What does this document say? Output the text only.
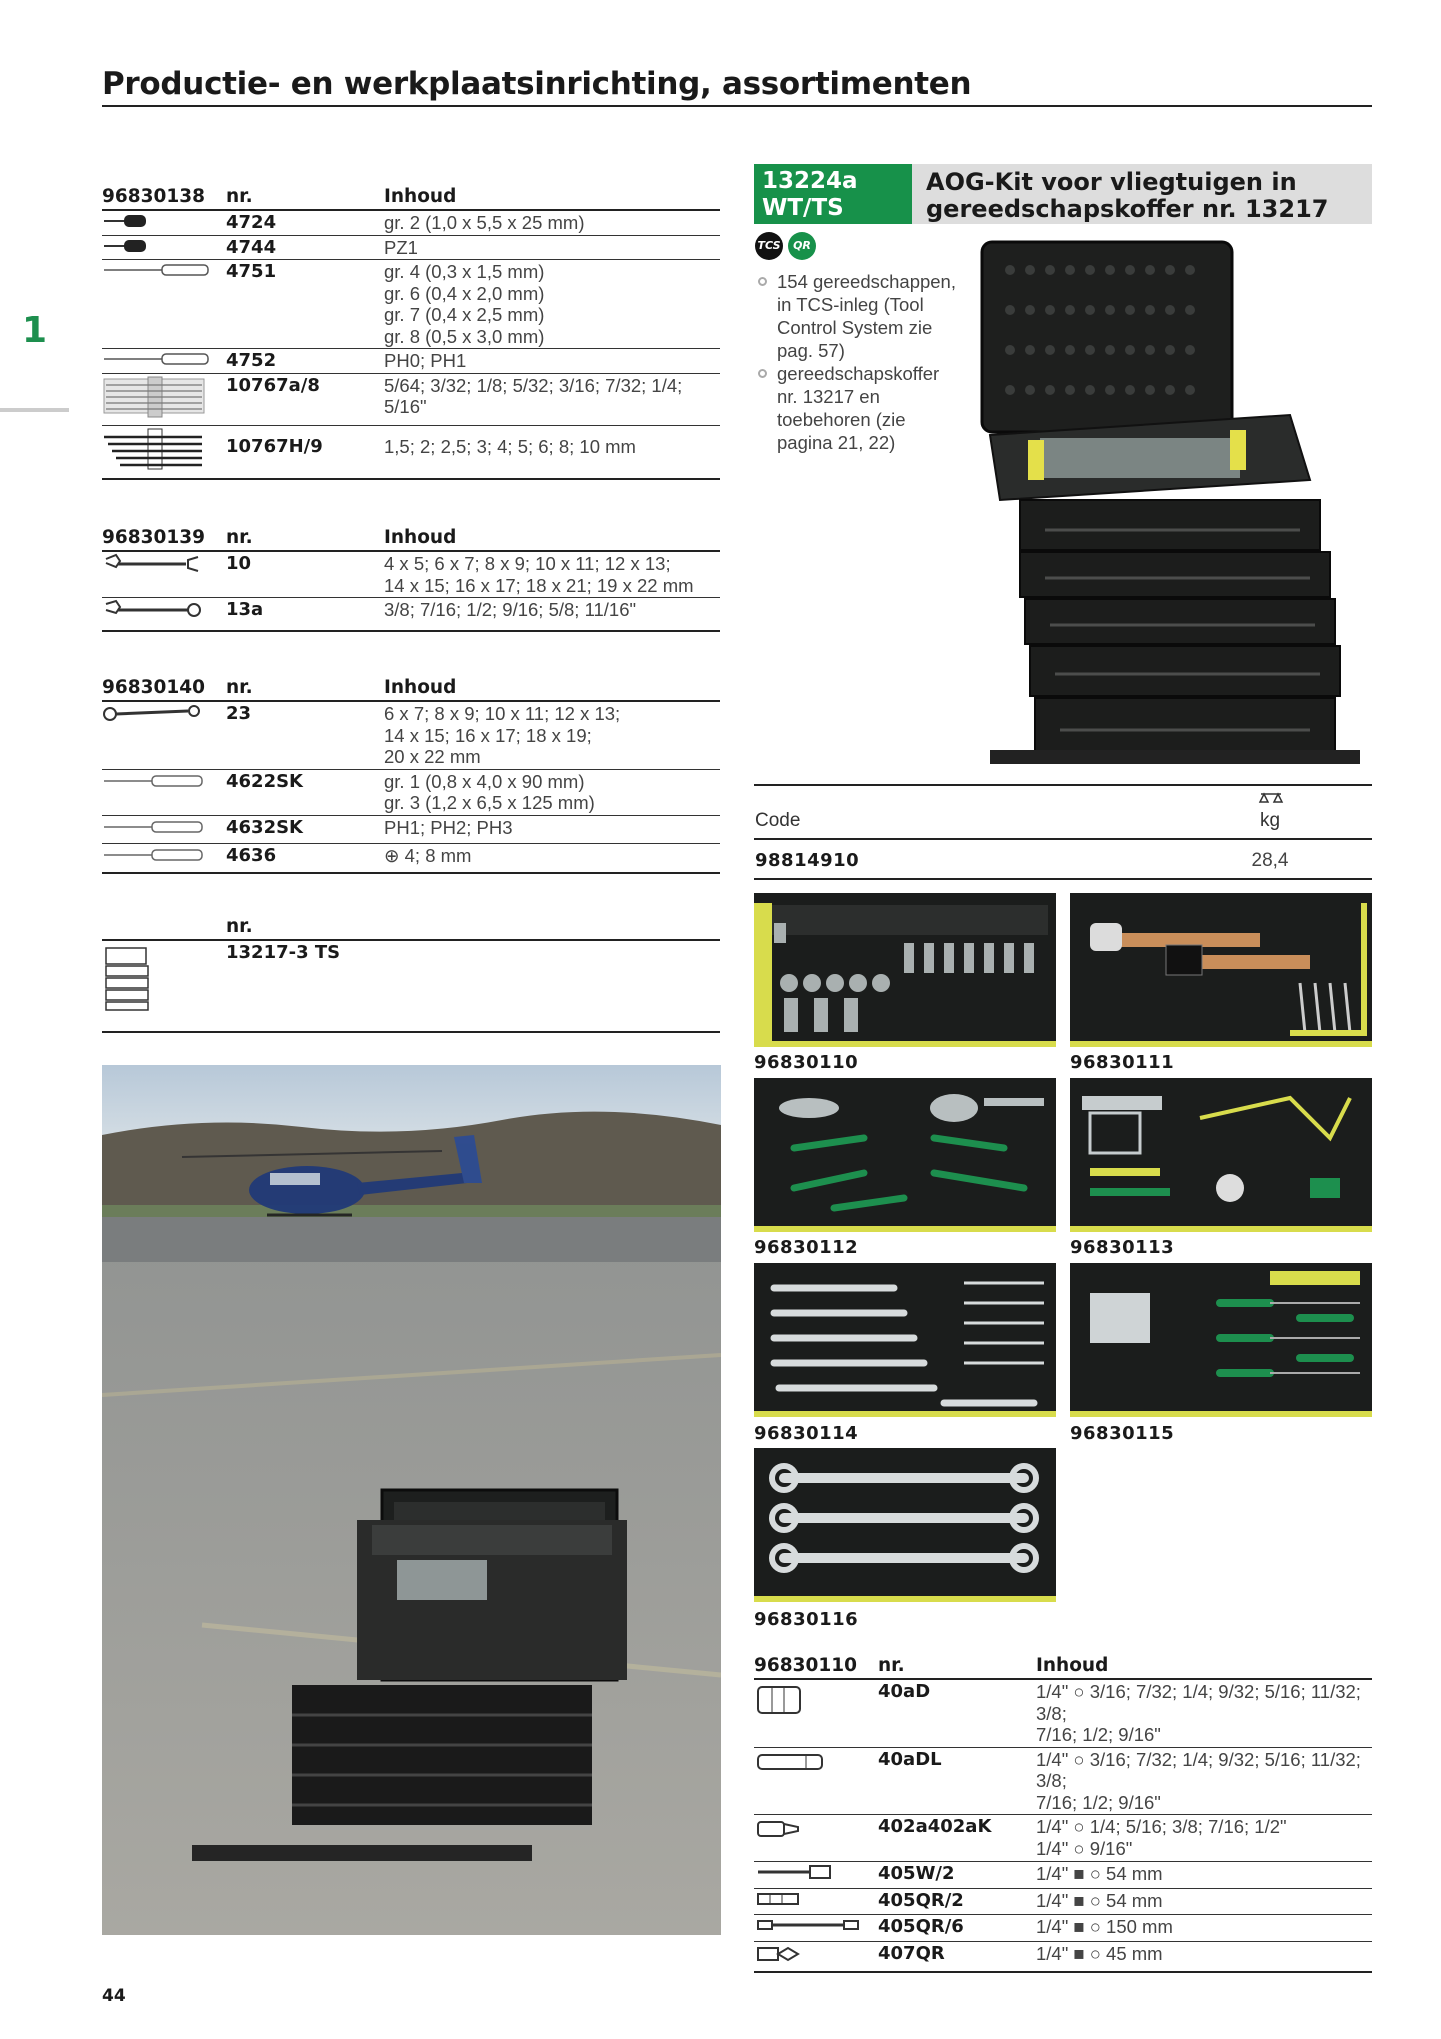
Productie- en werkplaatsinrichting, assortimenten
1
96830138	nr.	Inhoud

	4724	gr. 2 (1,0 x 5,5 x 25 mm)

	4744	PZ1

	4751	gr. 4 (0,3 x 1,5 mm)
gr. 6 (0,4 x 2,0 mm)
gr. 7 (0,4 x 2,5 mm)
gr. 8 (0,5 x 3,0 mm)

	4752	PH0; PH1
	10767a/8	5/64; 3/32; 1/8; 5/32; 3/16; 7/32; 1/4; 5/16"
	10767H/9	1,5; 2; 2,5; 3; 4; 5; 6; 8; 10 mm
96830139	nr.	Inhoud
	10	4 x 5; 6 x 7; 8 x 9; 10 x 11; 12 x 13;
14 x 15; 16 x 17; 18 x 21; 19 x 22 mm

	13a	3/8; 7/16; 1/2; 9/16; 5/8; 11/16"
96830140	nr.	Inhoud
	23	6 x 7; 8 x 9; 10 x 11; 12 x 13;
14 x 15; 16 x 17; 18 x 19;
20 x 22 mm

	4622SK	gr. 1 (0,8 x 4,0 x 90 mm)
gr. 3 (1,2 x 6,5 x 125 mm)

	4632SK	PH1; PH2; PH3
	4636	⊕ 4; 8 mm
	nr.	
	13217-3 TS	
13224a
WT/TS
AOG-Kit voor vliegtuigen in
gereedschapskoffer nr. 13217
TCS	QR
154 gereedschappen,
in TCS-inleg (Tool
Control System zie
pag. 57)
gereedschapskoffer
nr. 13217 en
toebehoren (zie
pagina 21, 22)
Code	kg
98814910	28,4
96830110	96830111
96830112	96830113
96830114	96830115
96830116
96830110	nr.	Inhoud
	40aD	1/4" ○ 3/16; 7/32; 1/4; 9/32; 5/16; 11/32; 3/8;
7/16; 1/2; 9/16"

	40aDL	1/4" ○ 3/16; 7/32; 1/4; 9/32; 5/16; 11/32; 3/8;
7/16; 1/2; 9/16"

	402a402aK	1/4" ○ 1/4; 5/16; 3/8; 7/16; 1/2"
1/4" ○ 9/16"

	405W/2	1/4" ■ ○ 54 mm
	405QR/2	1/4" ■ ○ 54 mm
	405QR/6	1/4" ■ ○ 150 mm
	407QR	1/4" ■ ○ 45 mm
44
